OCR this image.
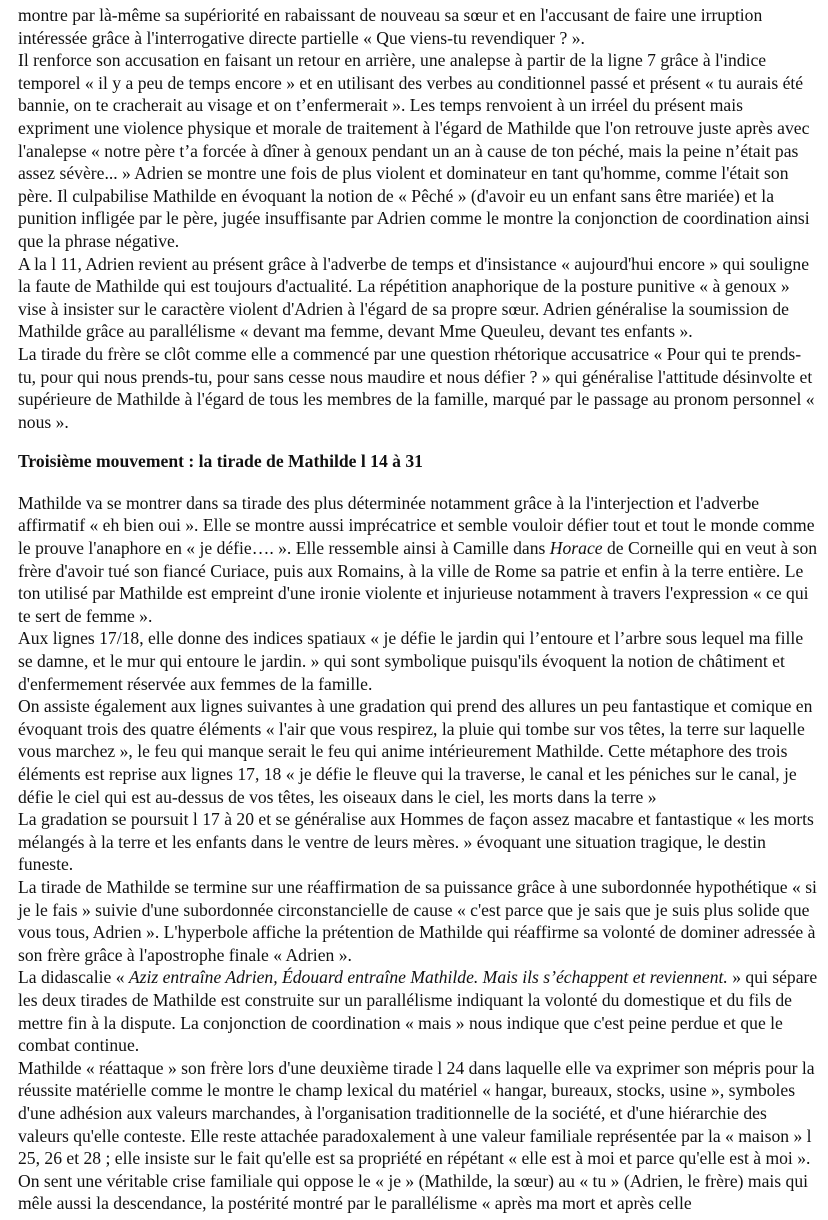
montre par là-même sa supériorité en rabaissant de nouveau sa sœur et en l'accusant de faire une irruption intéressée grâce à l'interrogative directe partielle « Que viens-tu revendiquer ? ».

Il renforce son accusation en faisant un retour en arrière, une analepse à partir de la ligne 7 grâce à l'indice temporel « il y a peu de temps encore » et en utilisant des verbes au conditionnel passé et présent « tu aurais été bannie, on te cracherait au visage et on t’enfermerait ». Les temps renvoient à un irréel du présent mais expriment une violence physique et morale de traitement à l'égard de Mathilde que l'on retrouve juste après avec l'analepse « notre père t’a forcée à dîner à genoux pendant un an à cause de ton péché, mais la peine n’était pas assez sévère... » Adrien se montre une fois de plus violent et dominateur en tant qu'homme, comme l'était son père. Il culpabilise Mathilde en évoquant la notion de « Pêché » (d'avoir eu un enfant sans être mariée) et la punition infligée par le père, jugée insuffisante par Adrien comme le montre la conjonction de coordination ainsi que la phrase négative.

A la l 11, Adrien revient au présent grâce à l'adverbe de temps et d'insistance « aujourd'hui encore » qui souligne la faute de Mathilde qui est toujours d'actualité. La répétition anaphorique de la posture punitive « à genoux » vise à insister sur le caractère violent d'Adrien à l'égard de sa propre sœur. Adrien généralise la soumission de Mathilde grâce au parallélisme « devant ma femme, devant Mme Queuleu, devant tes enfants ».

La tirade du frère se clôt comme elle a commencé par une question rhétorique accusatrice « Pour qui te prends-tu, pour qui nous prends-tu, pour sans cesse nous maudire et nous défier ? » qui généralise l'attitude désinvolte et supérieure de Mathilde à l'égard de tous les membres de la famille, marqué par le passage au pronom personnel « nous ».

Troisième mouvement : la tirade de Mathilde l 14 à 31

Mathilde va se montrer dans sa tirade des plus déterminée notamment grâce à la l'interjection et l'adverbe affirmatif « eh bien oui ». Elle se montre aussi imprécatrice et semble vouloir défier tout et tout le monde comme le prouve l'anaphore en « je défie…. ». Elle ressemble ainsi à Camille dans Horace de Corneille qui en veut à son frère d'avoir tué son fiancé Curiace, puis aux Romains, à la ville de Rome sa patrie et enfin à la terre entière. Le ton utilisé par Mathilde est empreint d'une ironie violente et injurieuse notamment à travers l'expression « ce qui te sert de femme ».

Aux lignes 17/18, elle donne des indices spatiaux « je défie le jardin qui l’entoure et l’arbre sous lequel ma fille se damne, et le mur qui entoure le jardin. » qui sont symbolique puisqu'ils évoquent la notion de châtiment et d'enfermement réservée aux femmes de la famille.

On assiste également aux lignes suivantes à une gradation qui prend des allures un peu fantastique et comique en évoquant trois des quatre éléments « l'air que vous respirez, la pluie qui tombe sur vos têtes, la terre sur laquelle vous marchez », le feu qui manque serait le feu qui anime intérieurement Mathilde. Cette métaphore des trois éléments est reprise aux lignes 17, 18 « je défie le fleuve qui la traverse, le canal et les péniches sur le canal, je défie le ciel qui est au-dessus de vos têtes, les oiseaux dans le ciel, les morts dans la terre »

La gradation se poursuit l 17 à 20 et se généralise aux Hommes de façon assez macabre et fantastique « les morts mélangés à la terre et les enfants dans le ventre de leurs mères. » évoquant une situation tragique, le destin funeste.

La tirade de Mathilde se termine sur une réaffirmation de sa puissance grâce à une subordonnée hypothétique « si je le fais » suivie d'une subordonnée circonstancielle de cause « c'est parce que je sais que je suis plus solide que vous tous, Adrien ». L'hyperbole affiche la prétention de Mathilde qui réaffirme sa volonté de dominer adressée à son frère grâce à l'apostrophe finale « Adrien ».

La didascalie « Aziz entraîne Adrien, Édouard entraîne Mathilde. Mais ils s’échappent et reviennent. » qui sépare les deux tirades de Mathilde est construite sur un parallélisme indiquant la volonté du domestique et du fils de mettre fin à la dispute. La conjonction de coordination « mais » nous indique que c'est peine perdue et que le combat continue.

Mathilde « réattaque » son frère lors d'une deuxième tirade l 24 dans laquelle elle va exprimer son mépris pour la réussite matérielle comme le montre le champ lexical du matériel « hangar, bureaux, stocks, usine », symboles d'une adhésion aux valeurs marchandes, à l'organisation traditionnelle de la société, et d'une hiérarchie des valeurs qu'elle conteste. Elle reste attachée paradoxalement à une valeur familiale représentée par la « maison » l 25, 26 et 28 ; elle insiste sur le fait qu'elle est sa propriété en répétant « elle est à moi et parce qu'elle est à moi ».

On sent une véritable crise familiale qui oppose le « je » (Mathilde, la sœur) au « tu » (Adrien, le frère) mais qui mêle aussi la descendance, la postérité montré par le parallélisme « après ma mort et après celle
